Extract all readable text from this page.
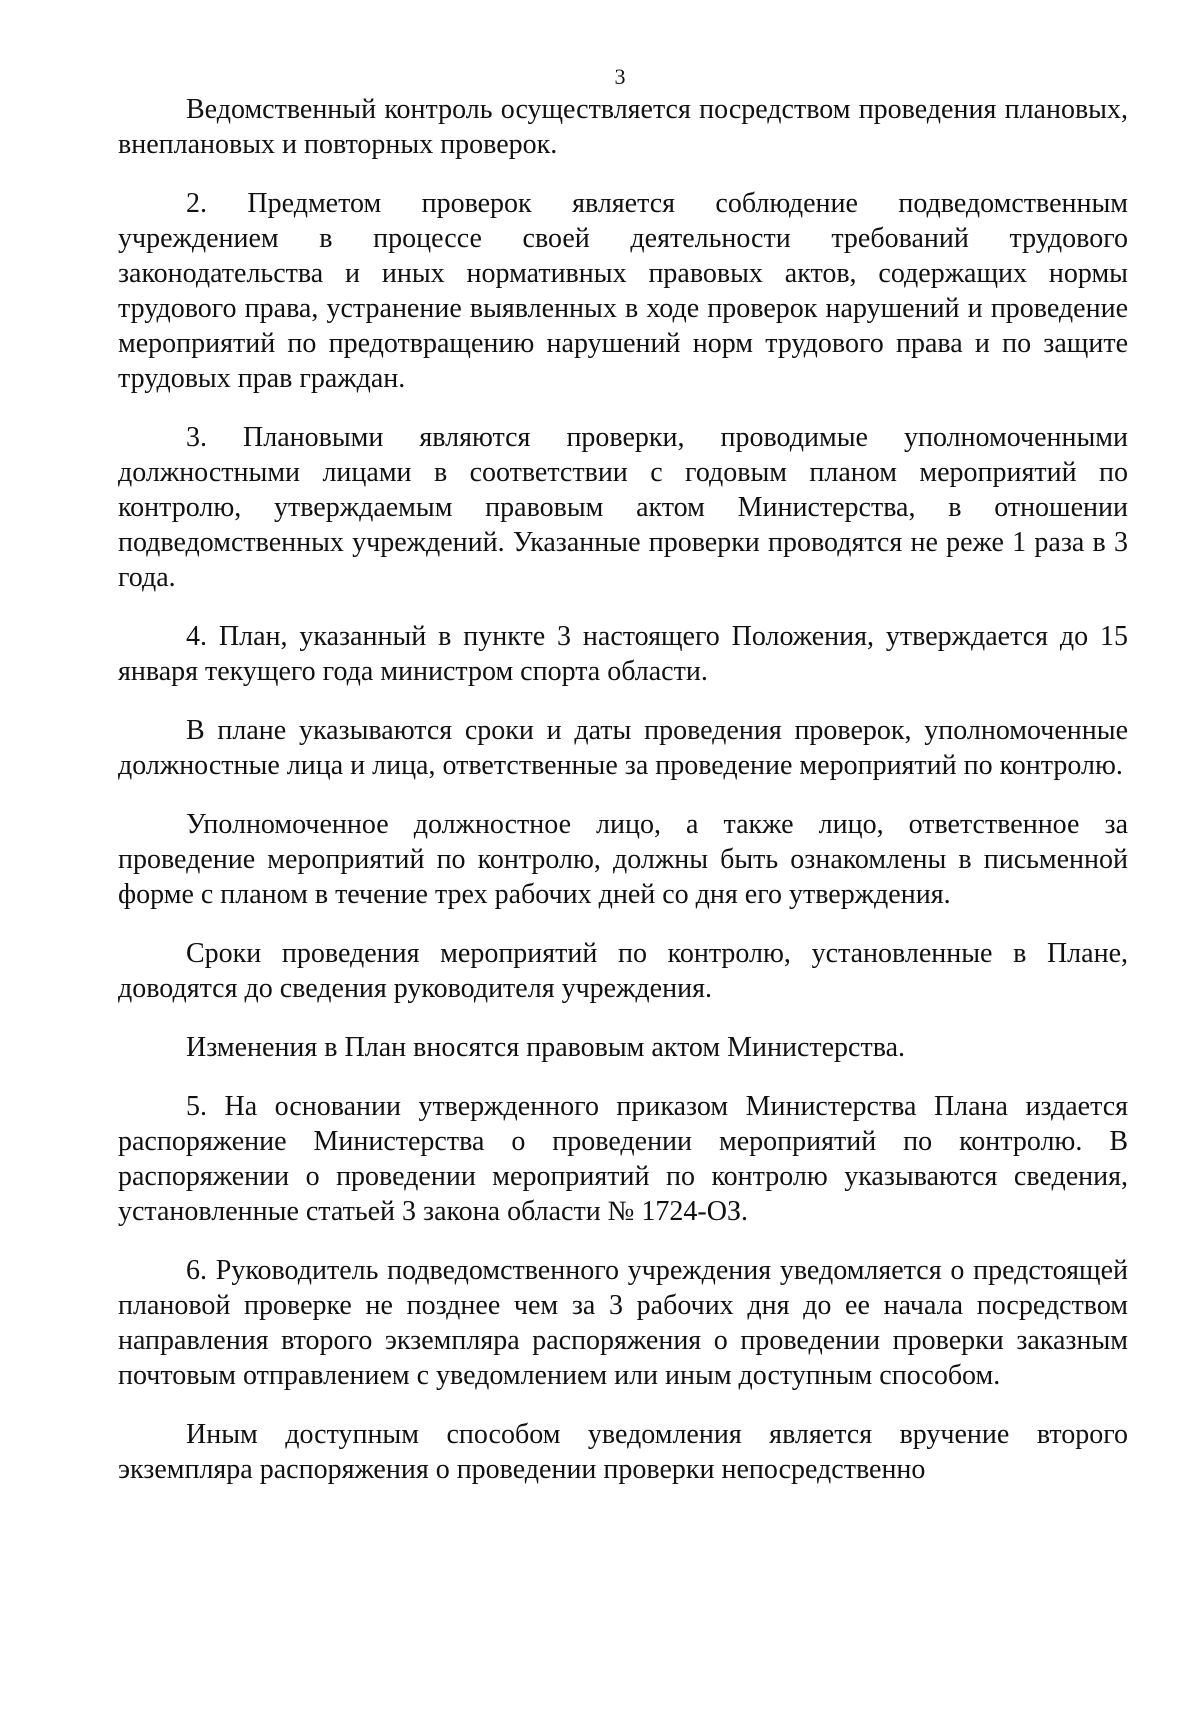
3

Ведомственный контроль осуществляется посредством проведения плановых, внеплановых и повторных проверок.

2. Предметом проверок является соблюдение подведомственным учреждением в процессе своей деятельности требований трудового законодательства и иных нормативных правовых актов, содержащих нормы трудового права, устранение выявленных в ходе проверок нарушений и проведение мероприятий по предотвращению нарушений норм трудового права и по защите трудовых прав граждан.

3. Плановыми являются проверки, проводимые уполномоченными должностными лицами в соответствии с годовым планом мероприятий по контролю, утверждаемым правовым актом Министерства, в отношении подведомственных учреждений. Указанные проверки проводятся не реже 1 раза в 3 года.

4. План, указанный в пункте 3 настоящего Положения, утверждается до 15 января текущего года министром спорта области.

В плане указываются сроки и даты проведения проверок, уполномоченные должностные лица и лица, ответственные за проведение мероприятий по контролю.

Уполномоченное должностное лицо, а также лицо, ответственное за проведение мероприятий по контролю, должны быть ознакомлены в письменной форме с планом в течение трех рабочих дней со дня его утверждения.

Сроки проведения мероприятий по контролю, установленные в Плане, доводятся до сведения руководителя учреждения.

Изменения в План вносятся правовым актом Министерства.

5. На основании утвержденного приказом Министерства Плана издается распоряжение Министерства о проведении мероприятий по контролю. В распоряжении о проведении мероприятий по контролю указываются сведения, установленные статьей 3 закона области № 1724-ОЗ.

6. Руководитель подведомственного учреждения уведомляется о предстоящей плановой проверке не позднее чем за 3 рабочих дня до ее начала посредством направления второго экземпляра распоряжения о проведении проверки заказным почтовым отправлением с уведомлением или иным доступным способом.

Иным доступным способом уведомления является вручение второго экземпляра распоряжения о проведении проверки непосредственно
